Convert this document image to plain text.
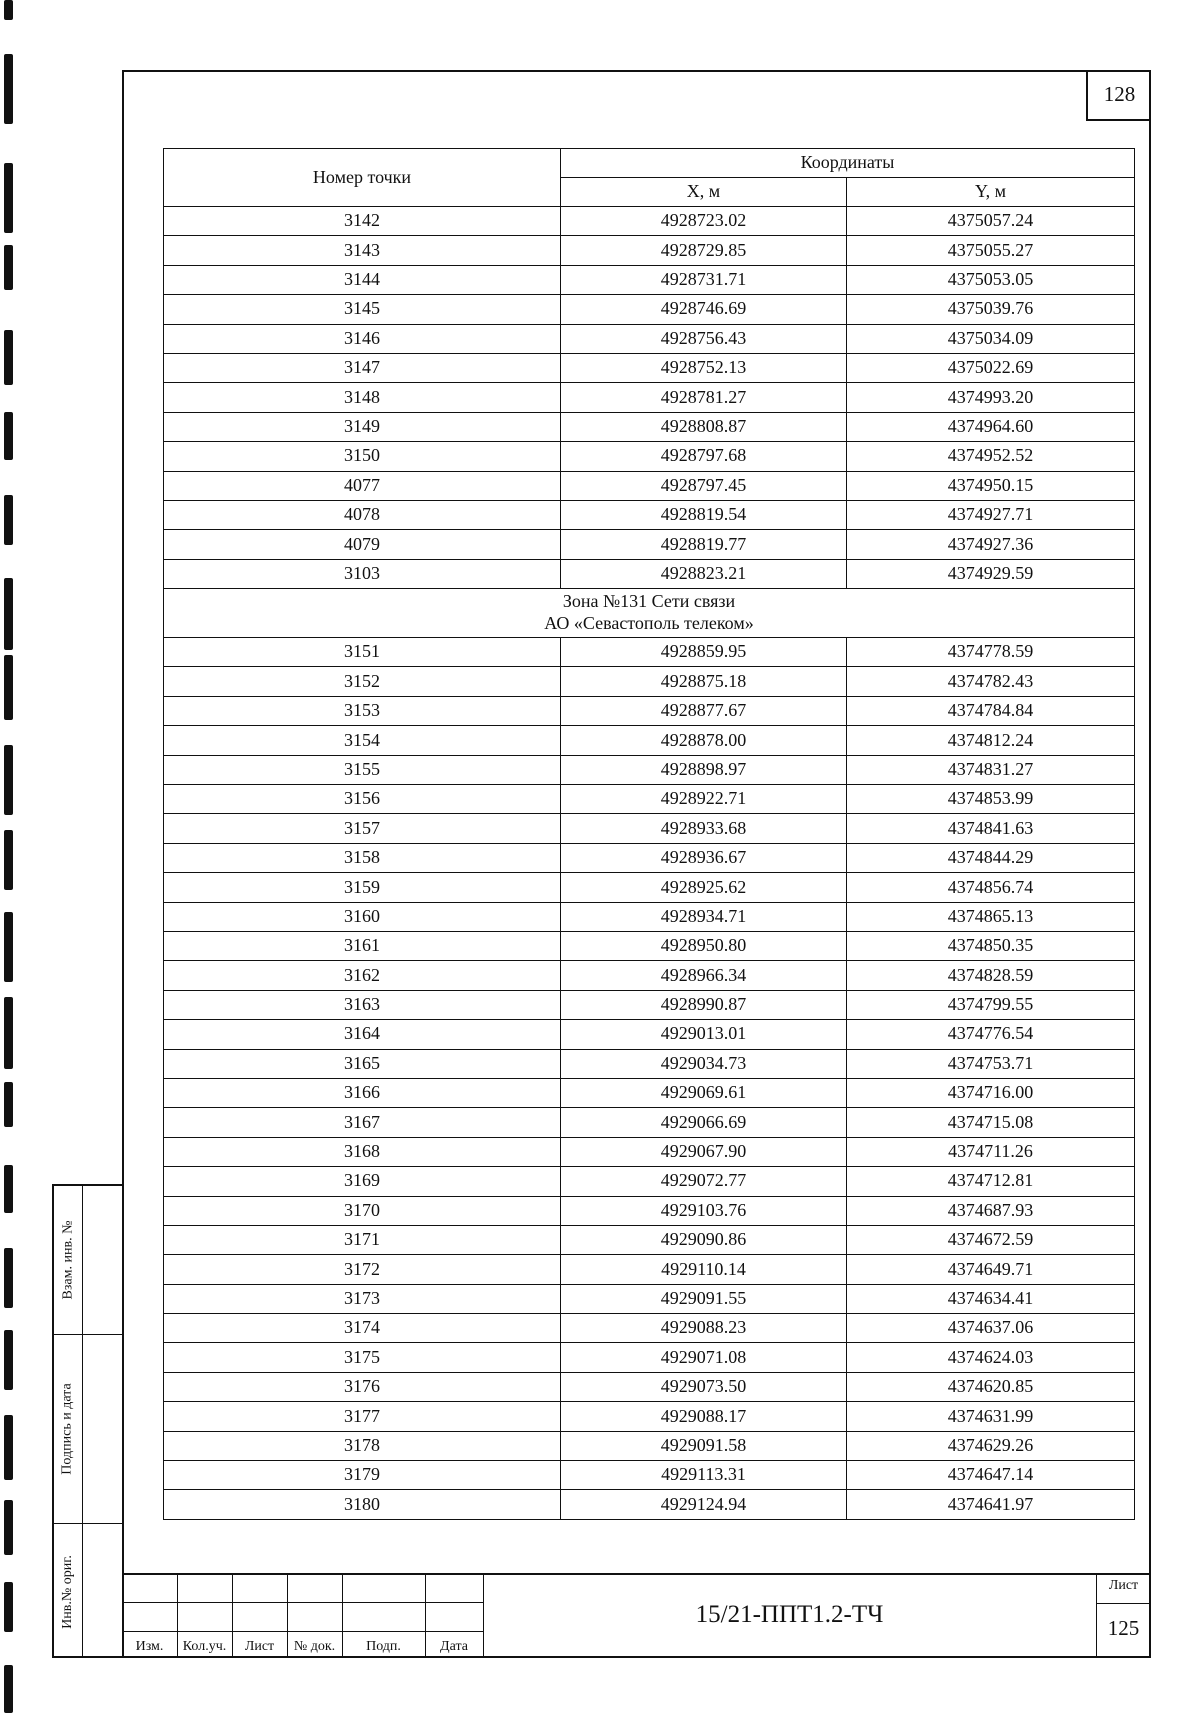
128
Номер точки	Координаты	
	X, м	Y, м
3142	4928723.02	4375057.24
3143	4928729.85	4375055.27
3144	4928731.71	4375053.05
3145	4928746.69	4375039.76
3146	4928756.43	4375034.09
3147	4928752.13	4375022.69
3148	4928781.27	4374993.20
3149	4928808.87	4374964.60
3150	4928797.68	4374952.52
4077	4928797.45	4374950.15
4078	4928819.54	4374927.71
4079	4928819.77	4374927.36
3103	4928823.21	4374929.59

Зона №131 Сети связи
АО «Севастополь телеком»		

3151	4928859.95	4374778.59
3152	4928875.18	4374782.43
3153	4928877.67	4374784.84
3154	4928878.00	4374812.24
3155	4928898.97	4374831.27
3156	4928922.71	4374853.99
3157	4928933.68	4374841.63
3158	4928936.67	4374844.29
3159	4928925.62	4374856.74
3160	4928934.71	4374865.13
3161	4928950.80	4374850.35
3162	4928966.34	4374828.59
3163	4928990.87	4374799.55
3164	4929013.01	4374776.54
3165	4929034.73	4374753.71
3166	4929069.61	4374716.00
3167	4929066.69	4374715.08
3168	4929067.90	4374711.26
3169	4929072.77	4374712.81
3170	4929103.76	4374687.93
3171	4929090.86	4374672.59
3172	4929110.14	4374649.71
3173	4929091.55	4374634.41
3174	4929088.23	4374637.06
3175	4929071.08	4374624.03
3176	4929073.50	4374620.85
3177	4929088.17	4374631.99
3178	4929091.58	4374629.26
3179	4929113.31	4374647.14
3180	4929124.94	4374641.97
Взам. инв. №
Подпись и дата
Инв.№ ориг.
Изм.	Кол.уч.	Лист	№ док.	Подп.	Дата
15/21-ППТ1.2-ТЧ
Лист
125
